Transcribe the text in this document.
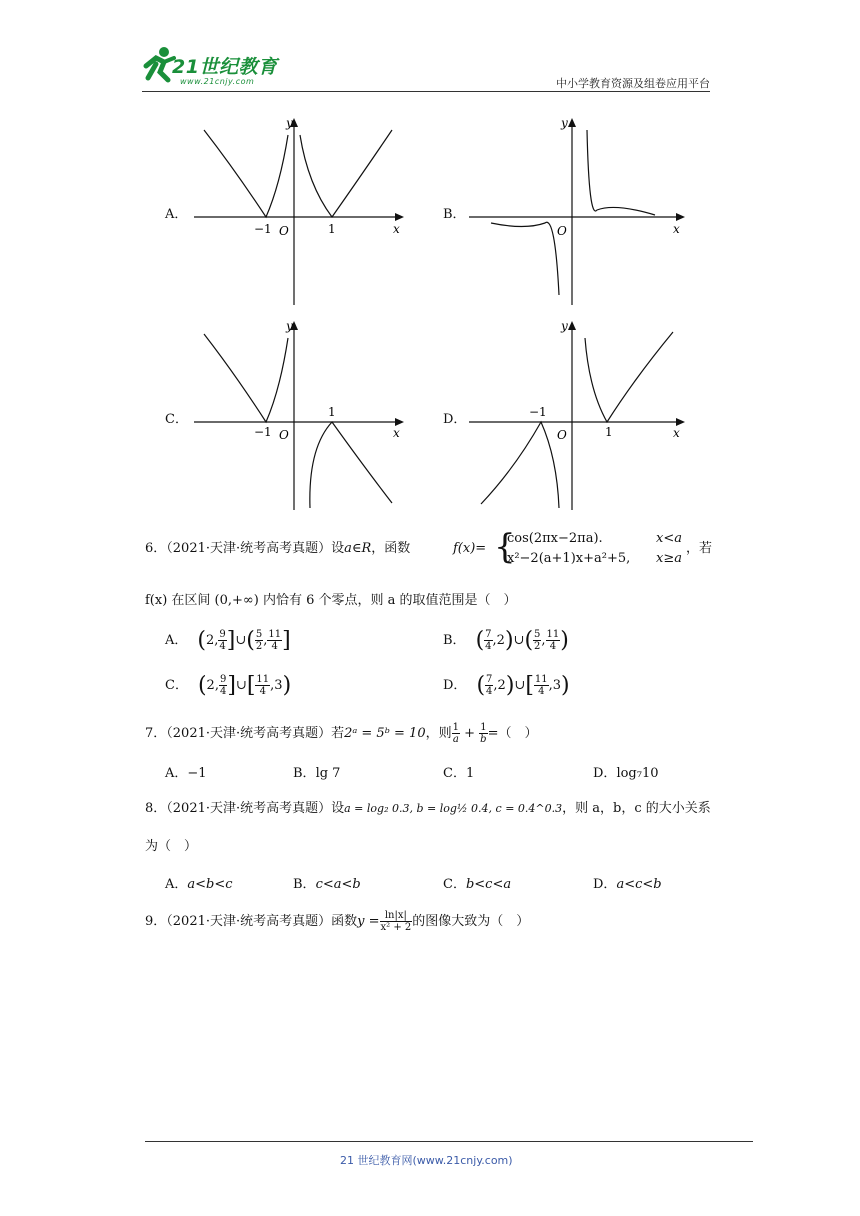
21世纪教育
www.21cnjy.com	中小学教育资源及组卷应用平台
A．	B．
C．	D．
y
x
O
−1	1
y
x
O
y
x
O
−1
1
y
x
O
−1
1
6．（2021·天津·统考高考真题）设a∈R，函数	f(x)= {
cos(2πx−2πa).	x<a
x²−2(a+1)x+a²+5, x≥a
，若
f(x) 在区间 (0,+∞) 内恰有 6 个零点，则 a 的取值范围是（　）
A． (2, $\frac{9}{4}$ ]∪( $\frac{5}{2}$ , $\frac{11}{4}$ ]	B． ( $\frac{7}{4}$ ,2)∪( $\frac{5}{2}$ , $\frac{11}{4}$ )
C． (2, $\frac{9}{4}$ ]∪[ $\frac{11}{4} ,3$)	D． ( $\frac{7}{4}$ ,2)∪[ $\frac{11}{4} ,3$)
7．（2021·天津·统考高考真题）若2ᵃ = 5ᵇ = 10，则 $\frac{1}{a} + \frac{1}{b}$ =（　）
A．−1	B．lg 7	C．1	D．log₇10
8．（2021·天津·统考高考真题）设a = log₂ 0.3, b = log½ 0.4, c = 0.4^0.3，则 a，b，c 的大小关系
为（　）
A．a<b<c	B．c<a<b	C．b<c<a	D．a<c<b
9．（2021·天津·统考高考真题）函数$y = \frac{\ln|x|}{\text{x² + 2}}$ 的图像大致为（　）
21 世纪教育网(www.21cnjy.com)
